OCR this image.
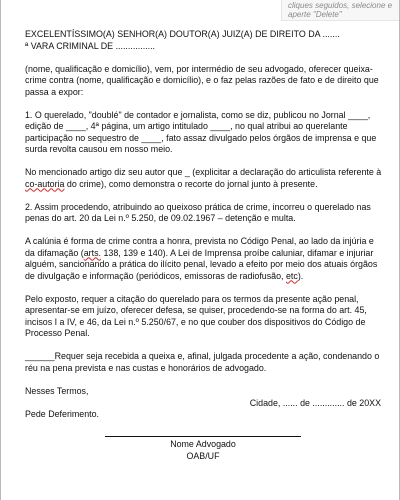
cliques seguidos, selecione e aperte "Delete"

EXCELENTÍSSIMO(A) SENHOR(A) DOUTOR(A) JUIZ(A) DE DIREITO DA .......
ª VARA CRIMINAL DE ................

(nome, qualificação e domicílio), vem, por intermédio de seu advogado, oferecer queixa-crime contra (nome, qualificação e domicílio), e o faz pelas razões de fato e de direito que passa a expor:

1. O querelado, "doublé" de contador e jornalista, como se diz, publicou no Jornal ____, edição de ____, 4ª página, um artigo intitulado ____, no qual atribui ao querelante participação no sequestro de ____, fato assaz divulgado pelos órgãos de imprensa e que surda revolta causou em nosso meio.

No mencionado artigo diz seu autor que _ (explicitar a declaração do articulista referente à co-autoria do crime), como demonstra o recorte do jornal junto à presente.

2. Assim procedendo, atribuindo ao queixoso prática de crime, incorreu o querelado nas penas do art. 20 da Lei n.º 5.250, de 09.02.1967 – detenção e multa.

A calúnia é forma de crime contra a honra, prevista no Código Penal, ao lado da injúria e da difamação (arts. 138, 139 e 140). A Lei de Imprensa proíbe caluniar, difamar e injuriar alguém, sancionando a prática do ilícito penal, levado a efeito por meio dos atuais órgãos de divulgação e informação (periódicos, emissoras de radiofusão, etc).

Pelo exposto, requer a citação do querelado para os termos da presente ação penal, apresentar-se em juízo, oferecer defesa, se quiser, procedendo-se na forma do art. 45, incisos I a IV, e 46, da Lei n.º 5.250/67, e no que couber dos dispositivos do Código de Processo Penal.

______Requer seja recebida a queixa e, afinal, julgada procedente a ação, condenando o réu na pena prevista e nas custas e honorários de advogado.

Nesses Termos,

Pede Deferimento.

Cidade, ...... de ............. de 20XX
Nome Advogado
OAB/UF
